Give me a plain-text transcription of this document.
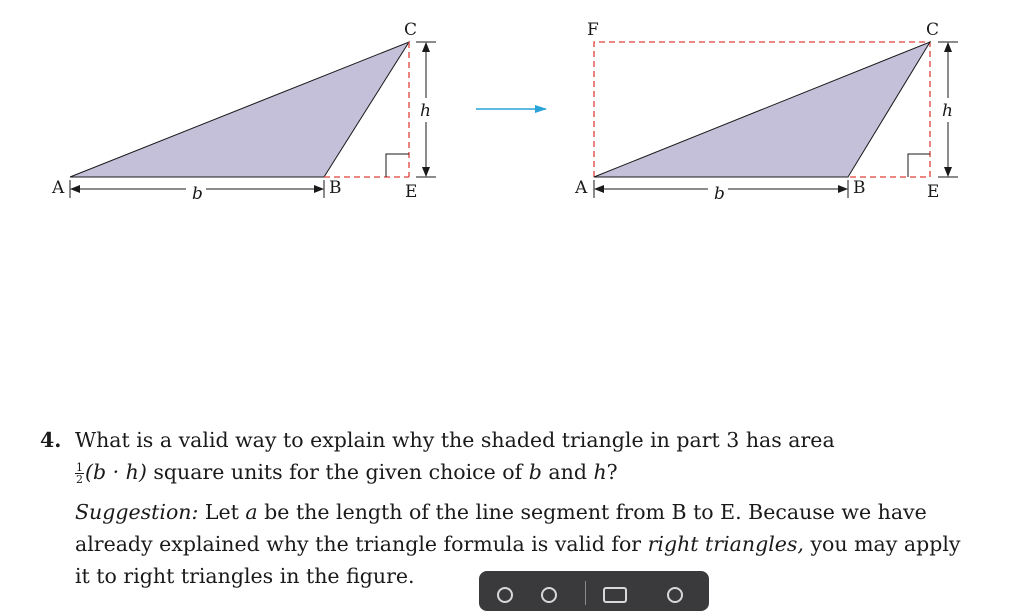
A	B
C
E
b
h
A	B
C
E
F
b
h
4. What is a valid way to explain why the shaded triangle in part 3 has area
$\frac{1}{2} (b \cdot h)$ square units for the given choice of b and h?
Suggestion: Let a be the length of the line segment from B to E. Because we have
already explained why the triangle formula is valid for right triangles, you may apply
it to right triangles in the figure.
